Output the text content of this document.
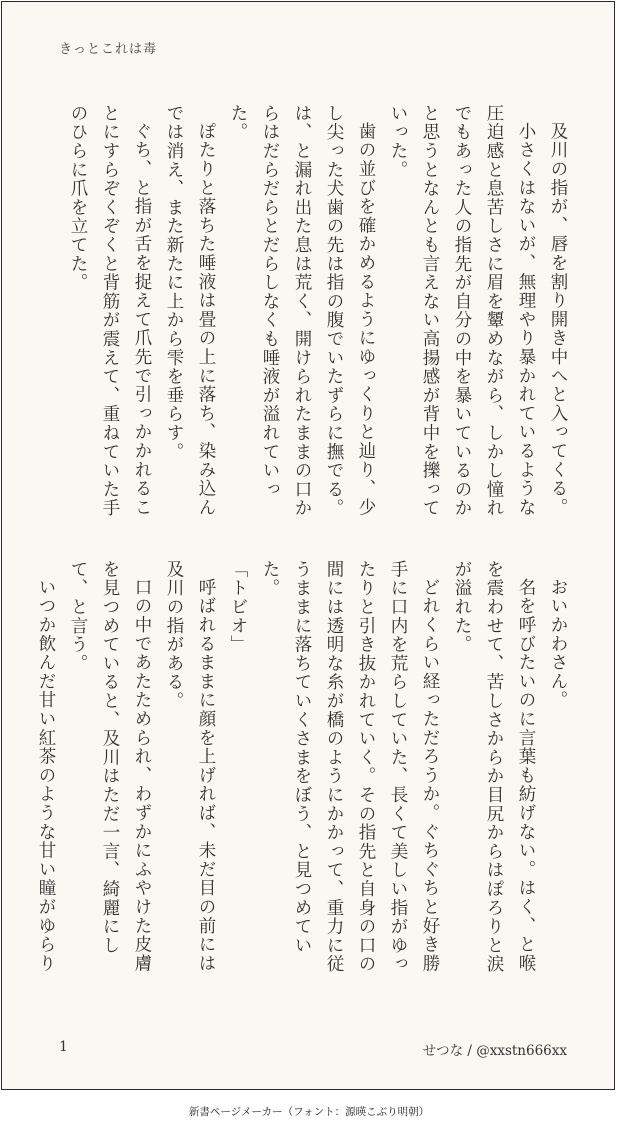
きっとこれは毒

及川の指が、唇を割り開き中へと入ってくる。

小さくはないが、無理やり暴かれているような圧迫感と息苦しさに眉を顰めながら、しかし憧れでもあった人の指先が自分の中を暴いているのかと思うとなんとも言えない高揚感が背中を擽っていった。

歯の並びを確かめるようにゆっくりと辿り、少し尖った犬歯の先は指の腹でいたずらに撫でる。は、と漏れ出た息は荒く、開けられたままの口からはだらだらとだらしなくも唾液が溢れていった。

ぽたりと落ちた唾液は畳の上に落ち、染み込んでは消え、また新たに上から雫を垂らす。

ぐち、と指が舌を捉えて爪先で引っかかれることにすらぞくぞくと背筋が震えて、重ねていた手のひらに爪を立てた。

おいかわさん。

名を呼びたいのに言葉も紡げない。はく、と喉を震わせて、苦しさからか目尻からはぽろりと涙が溢れた。

どれくらい経っただろうか。ぐちぐちと好き勝手に口内を荒らしていた、長くて美しい指がゆったりと引き抜かれていく。その指先と自身の口の間には透明な糸が橋のようにかかって、重力に従うままに落ちていくさまをぼう、と見つめていた。

「トビオ」

呼ばれるままに顔を上げれば、未だ目の前には及川の指がある。

口の中であたためられ、わずかにふやけた皮膚を見つめていると、及川はただ一言、綺麗にして、と言う。

いつか飲んだ甘い紅茶のような甘い瞳がゆらり

1	せつな / @xxstn666xx
新書ページメーカー（フォント：源暎こぶり明朝）
